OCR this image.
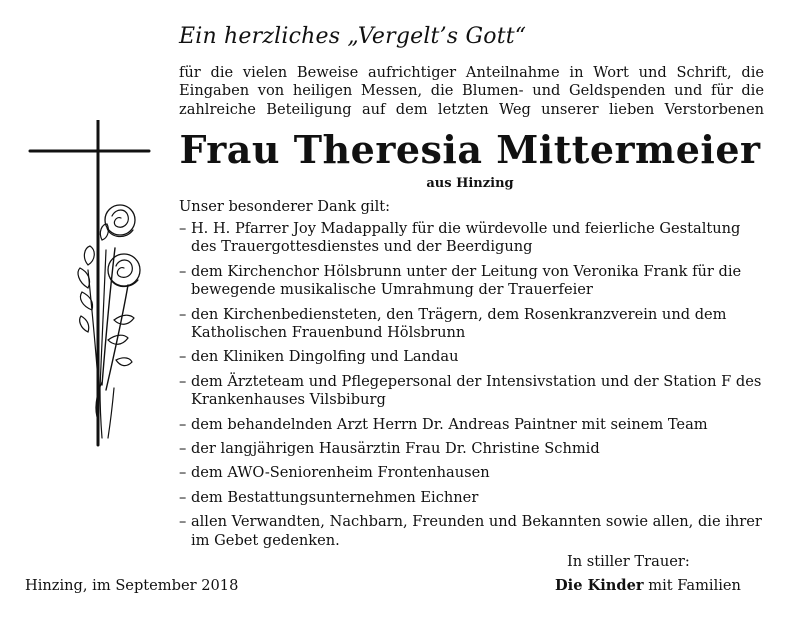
Ein herzliches „Vergelt’s Gott“
für die vielen Beweise aufrichtiger Anteilnahme in Wort und Schrift, die
Eingaben von heiligen Messen, die Blumen- und Geldspenden und für die
zahlreiche Beteiligung auf dem letzten Weg unserer lieben Verstorbenen
Frau Theresia Mittermeier
aus Hinzing
Unser besonderer Dank gilt:
– H. H. Pfarrer Joy Madappally für die würdevolle und feierliche Gestaltung des Trauergottesdienstes und der Beerdigung
– dem Kirchenchor Hölsbrunn unter der Leitung von Veronika Frank für die bewegende musikalische Umrahmung der Trauerfeier
– den Kirchenbediensteten, den Trägern, dem Rosenkranzverein und dem Katholischen Frauenbund Hölsbrunn
– den Kliniken Dingolfing und Landau
– dem Ärzteteam und Pflegepersonal der Intensivstation und der Station F des Krankenhauses Vilsbiburg
– dem behandelnden Arzt Herrn Dr. Andreas Paintner mit seinem Team
– der langjährigen Hausärztin Frau Dr. Christine Schmid
– dem AWO-Seniorenheim Frontenhausen
– dem Bestattungsunternehmen Eichner
– allen Verwandten, Nachbarn, Freunden und Bekannten sowie allen, die ihrer im Gebet gedenken.
In stiller Trauer:
Hinzing, im September 2018	Die Kinder mit Familien
